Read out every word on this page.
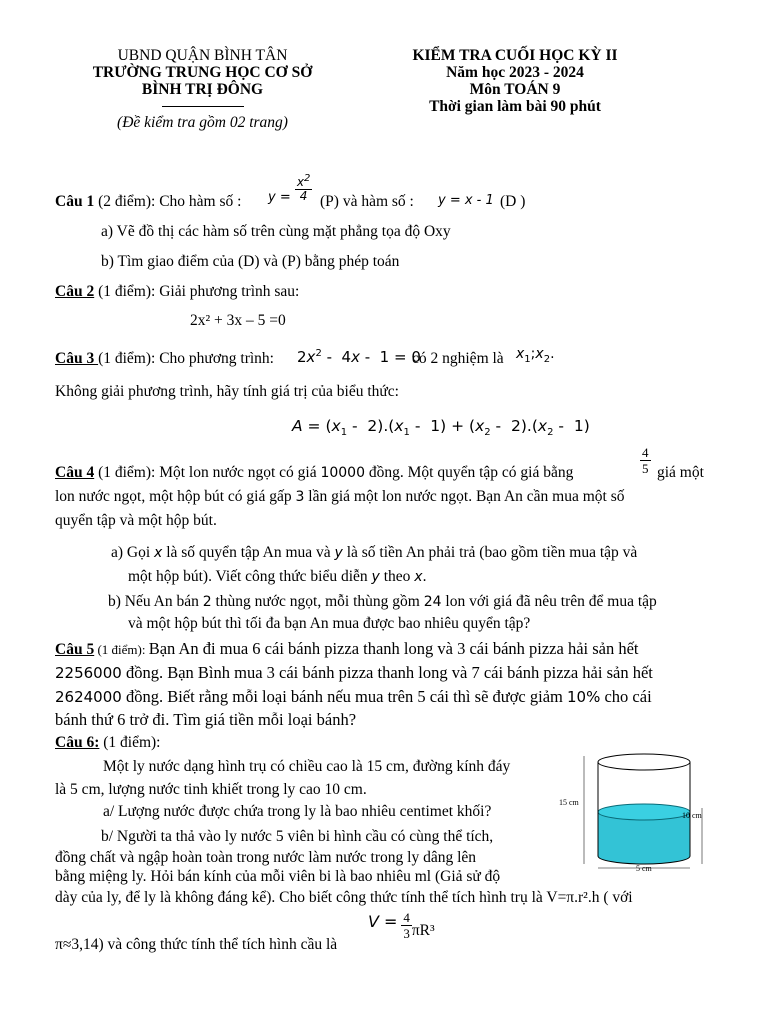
UBND QUẬN BÌNH TÂN
TRƯỜNG TRUNG HỌC CƠ SỞ
BÌNH TRỊ ĐÔNG
(Đề kiểm tra gồm 02 trang)
KIỂM TRA CUỐI HỌC KỲ II
Năm học 2023 - 2024
Môn TOÁN 9
Thời gian làm bài 90 phút
Câu 1 (2 điểm): Cho hàm số : $y = \frac{x^2}{4} (P)$ và hàm số : y = x - 1 (D )
a) Vẽ đồ thị các hàm số trên cùng mặt phẳng tọa độ Oxy
b) Tìm giao điểm của (D) và (P) bằng phép toán
Câu 2 (1 điểm): Giải phương trình sau:
2x² + 3x – 5 =0
Câu 3 (1 điểm): Cho phương trình: $2x^2 - 4x - 1 = 0$
có 2 nghiệm là $x_1;x_2$.
Không giải phương trình, hãy tính giá trị của biểu thức:
$A = (x_1 - 2).(x_1 - 1) + (x_2 - 2).(x_2 - 1)$
Câu 4 (1 điểm): Một lon nước ngọt có giá 10000 đồng. Một quyển tập có giá bằng	$\frac{4}{5}$ giá một
lon nước ngọt, một hộp bút có giá gấp 3 lần giá một lon nước ngọt. Bạn An cần mua một số
quyển tập và một hộp bút.
a) Gọi x là số quyển tập An mua và y là số tiền An phải trả (bao gồm tiền mua tập và
một hộp bút). Viết công thức biểu diễn y theo x.
b) Nếu An bán 2 thùng nước ngọt, mỗi thùng gồm 24 lon với giá đã nêu trên để mua tập
và một hộp bút thì tối đa bạn An mua được bao nhiêu quyển tập?
Câu 5 (1 điểm): Bạn An đi mua 6 cái bánh pizza thanh long và 3 cái bánh pizza hải sản hết
2256000 đồng. Bạn Bình mua 3 cái bánh pizza thanh long và 7 cái bánh pizza hải sản hết
2624000 đồng. Biết rằng mỗi loại bánh nếu mua trên 5 cái thì sẽ được giảm 10% cho cái
bánh thứ 6 trở đi. Tìm giá tiền mỗi loại bánh?
Câu 6: (1 điểm):
Một ly nước dạng hình trụ có chiều cao là 15 cm, đường kính đáy
là 5 cm, lượng nước tinh khiết trong ly cao 10 cm.
a/ Lượng nước được chứa trong ly là bao nhiêu centimet khối?
b/ Người ta thả vào ly nước 5 viên bi hình cầu có cùng thể tích,
đồng chất và ngập hoàn toàn trong nước làm nước trong ly dâng lên
bằng miệng ly. Hỏi bán kính của mỗi viên bi là bao nhiêu ml (Giả sử độ
dày của ly, để ly là không đáng kể). Cho biết công thức tính thể tích hình trụ là V=π.r².h ( với
π≈3,14) và công thức tính thể tích hình cầu là
$V = \frac{4}{3} \pi R^3$
15 cm
10 cm
5 cm
